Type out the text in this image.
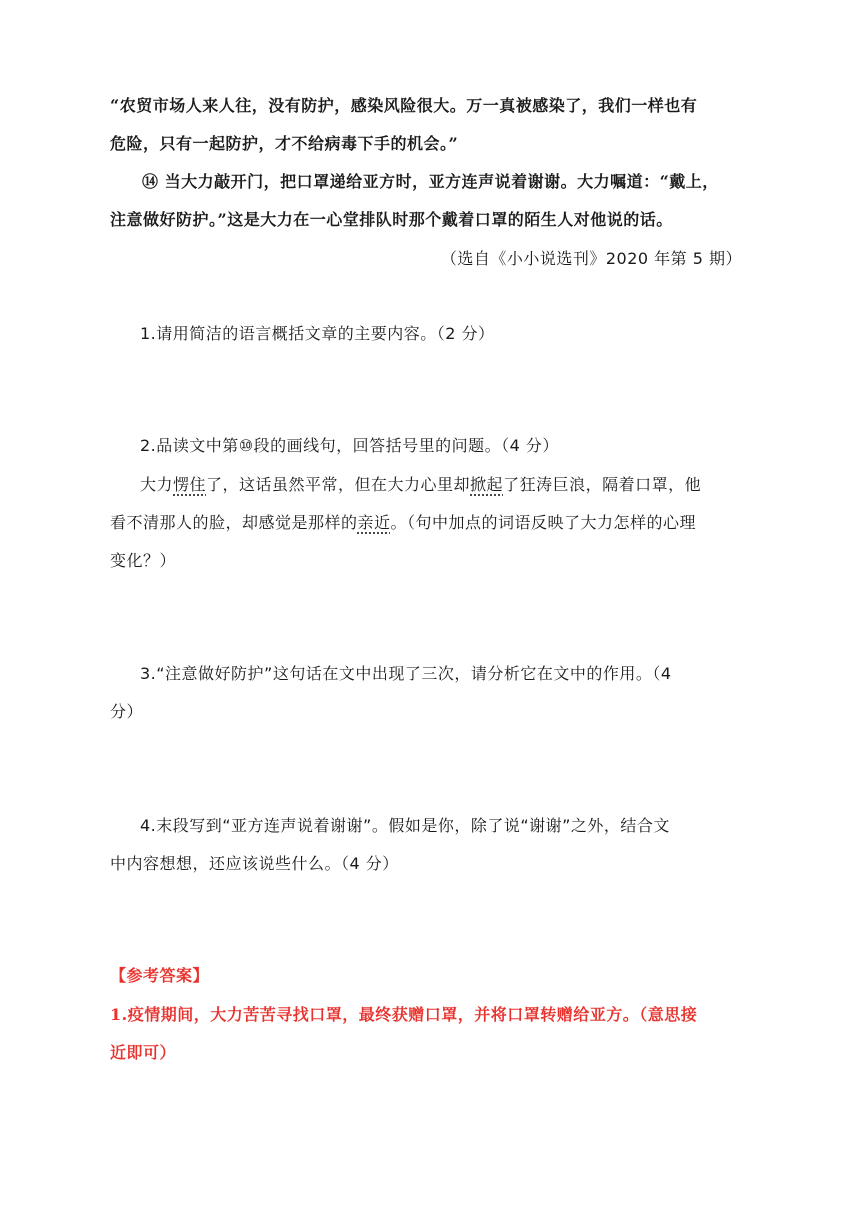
“农贸市场人来人往，没有防护，感染风险很大。万一真被感染了，我们一样也有
危险，只有一起防护，才不给病毒下手的机会。”
⑭ 当大力敲开门，把口罩递给亚方时，亚方连声说着谢谢。大力嘱道：“戴上，
注意做好防护。”这是大力在一心堂排队时那个戴着口罩的陌生人对他说的话。
（选自《小小说选刊》2020 年第 5 期）
1.请用简洁的语言概括文章的主要内容。（2 分）
2.品读文中第⑩段的画线句，回答括号里的问题。（4 分）
大力愣住了，这话虽然平常，但在大力心里却掀起了狂涛巨浪，隔着口罩，他
看不清那人的脸，却感觉是那样的亲近。（句中加点的词语反映了大力怎样的心理
变化？）
3.“注意做好防护”这句话在文中出现了三次，请分析它在文中的作用。（4
分）
4.末段写到“亚方连声说着谢谢”。假如是你，除了说“谢谢”之外，结合文
中内容想想，还应该说些什么。（4 分）
【参考答案】
1.疫情期间，大力苦苦寻找口罩，最终获赠口罩，并将口罩转赠给亚方。（意思接
近即可）
